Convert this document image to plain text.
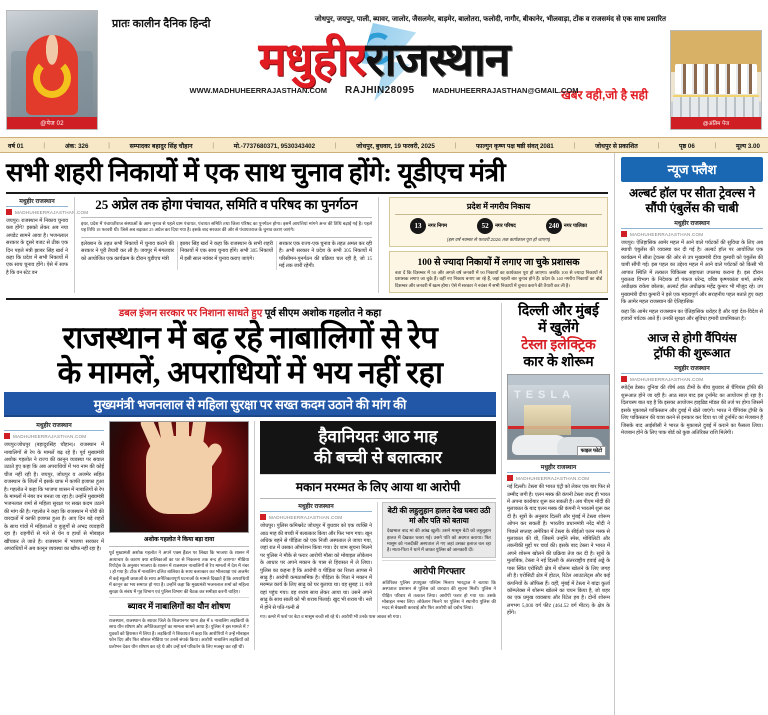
@पेज 02
प्रातः कालीन दैनिक हिन्दी	जोधपुर, जयपुर, पाली, ब्यावर, जालोर, जैसलमेर, बाड़मेर, बालोतरा, फलोदी, नागौर, बीकानेर, भीलवाड़ा, टोंक व राजसमंद से एक साथ प्रसारित
मधुहीरराजस्थान
खबर वही,जो है सही
WWW.MADHUHEERRAJASTHAN.COM RAJHIN28095 MADHUHEERRAJASTHAN@GMAIL.COM
@अंतिम पेज
वर्ष 01	|	अंक: 326	|	सम्पादकः बहादुर सिंह चौहान	|	मो.-7737680371, 9530343402	|	जोधपुर, बुधवार, 19 फरवरी, 2025	|	फाल्गुन कृष्ण पक्ष षष्ठी संवत् 2081	|	जोधपुर से प्रकाशित	|	पृष्ठ 06	|	मूल्य 3.00
सभी शहरी निकायों में एक साथ चुनाव होंगे: यूडीएच मंत्री
मधुहीर राजस्थान
MADHUHEERRAJASTHAN.COM
जयपुर। राजस्थान में निकाय चुनाव कब होंगे? इसको लेकर अब नया अपडेट सामने आया है। भजनलाल सरकार के दूसरे बजट से ठीक एक दिन पहले मंत्री झाबर सिंह खर्रा ने कहा कि प्रदेश में सभी निकायों में एक साथ चुनाव होंगे। ऐसे में साफ है कि वन स्टेट वन
25 अप्रेल तक होगा पंचायत, समिति व परिषद का पुनर्गठन
इधर, प्रदेश में पंचायतीराज संस्थाओं के आम चुनाव से पहले ग्राम पंचायत, पंचायत समिति तथा जिला परिषद का पुनर्गठन होगा। इसमें आपत्तियां मांगने अन्त की तिथि बढ़ाई गई है। पहले यह तिथि 18 फरवरी थी। जिसे अब बढ़ाकर 25 अप्रेल कर दिया गया है। इसके बाद सरकार की ओर से पंचायतराज के चुनाव कराए जाएंगे।
इलेक्शन के तहत सभी निकायों में चुनाव कराने की सरकार ने पूरी तैयारी कर ली है। जयपुर में मंगलवार को आयोजित एक कार्यक्रम के दौरान यूडीएच मंत्री
झाबर सिंह खर्रा ने कहा कि राजस्थान के सभी शहरी निकायों में एक साथ चुनाव होंगे। सभी 305 निकायों में इसी साल नवंबर में चुनाव कराए जाएंगे।
सरकार एक राज्य-एक चुनाव के तहत अमल कर रही है। अभी सरकार ने प्रदेश के सभी 305 निकायों में परिसीमन-पुनर्गठन की प्रक्रिया चल रही है, जो 15 मई तक जारी रहेगी।
प्रदेश में नगरीय निकाय
13	नगर निगम	52	नगर परिषद	240 नगर पालिका
(इस वर्ष नवम्बर से फरवरी 2026 तक कार्यकाल पूरा हो जाएगा)
100 से ज्यादा निकायों में लगाए जा चुके प्रशासक
बता दें कि दिसम्बर में 50 और अगले वर्ष जनवरी में 90 निकायों का कार्यकाल पूरा हो जाएगा। जबकि 100 से ज्यादा निकायों में प्रशासक लगाए जा चुके हैं। वहीं नए निकाय बनाए जा रहे हैं, जहां पहली बार चुनाव होने हैं। प्रदेश के 140 नगरीय निकायों का बोर्ड दिसम्बर और जनवरी में खत्म होगा। ऐसे में सरकार ने नवंबर में सभी निकायों में चुनाव कराने की तैयारी कर ली है।
डबल इंजन सरकार पर निशाना साधते हुए पूर्व सीएम अशोक गहलोत ने कहा
राजस्थान में बढ़ रहे नाबालिगों से रेप
के मामलें, अपराधियों में भय नहीं रहा
मुख्यमंत्री भजनलाल से महिला सुरक्षा पर सख्त कदम उठाने की मांग की
मधुहीर राजस्थान
MADHUHEERRAJASTHAN.COM
जयपुर/जोधपुर (बहादुरसिंह चौहान)। राजस्थान में नाबालिगों से रेप के मामलें बढ़ रहे है। पूर्व मुख्यमंत्री अशोक गहलोत ने राज्य की कानून व्यवस्था पर सवाल उठाते हुए कहा कि अब अपराधियों में भय नाम की कोई चीज नहीं रही है। जयपुर, जोधपुर व अजमेर सहित राजस्थान के जिलों में इसके ग्राफ में काफी इजाफा हुआ है। गहलोत ने कहा कि भाजपा शासन में नाबालिगों से रेप के मामलों में नंबर वन बनता जा रहा है। उन्होंने मुख्यमंत्री भजनलाल शर्मा से महिला सुरक्षा पर सख्त कदम उठाने की मांग की है। गहलोत ने कहा कि राजस्थान में चोरी की वारदातों में काफी इजाफा हुआ है। आए दिन बड़े शहरों के साथ गांवों में महिलाओं व बुजुर्गों से अभद्र व्यवहारी रहा है। राहगीरों से गले से चेन व हाथों से मोबाइल खींचकर ले जाते है। राजस्थान में भाजपा सरकार में अपराधियों में अब कानून व्यवस्था का खौफ नहीं रहा है।
अशोक गहलोत ने किया बड़ा दावा
पूर्व मुख्यमंत्री अशोक गहलोत ने अपने एक्स हैंडल पर लिखा कि भाजपा के शासन में अत्याचार के कारण क्या बालिकाओं का घर से निकलना तक बन्द हो जाएगा? मीडिया रिपोर्ट्स के अनुसार भाजपा के शासन में राजस्थान नाबालिगों से रेप मामलों में देश में नंबर 1 हो गया है। टोंक में नाबालिग दलित बालिका के साथ बलात्कार कर भीलवाड़ा एवं अजमेर में कई स्कूली छात्राओं के साथ अनैतिकतापूर्ण घटनाओं के मामले दिखाते हैं कि अपराधियों में कानून का भय समाप्त हो गया है। उन्होंने कहा कि मुख्यमंत्री भजनलाल शर्मा को महिला सुरक्षा के संबंध में गृह विभाग एवं पुलिस विभाग की बैठक कर समीक्षा करनी चाहिए।
ब्यावर में नाबालिगों का यौन शोषण
राजस्थान, राजस्थान के ब्यावर जिले के बिजयनगर थाना क्षेत्र में 6 नाबालिग लड़कियों के साथ यौन शोषण और अनैतिकतापूर्ण का मामला सामने आया है। पुलिस ने इस मामले में 7 युवकों को हिरासत में लिया है। लड़कियों ने शिकायत में कहा कि आरोपियों ने उन्हें मोबाइल फोन दिए और फिर सोशल मीडिया पर उनसे संपर्क किया। आरोपी नाबालिग लड़कियों को प्रलोभन देकर यौन शोषण कर रहे थे और उन्हें धर्म परिवर्तन के लिए मजबूर कर रही थीं।
हैवानियतः आठ माह
की बच्ची से बलात्कार
मकान मरम्मत के लिए आया था आरोपी
मधुहीर राजस्थान
MADHUHEERRAJASTHAN.COM
जोधपुर। पुलिस कमिश्नरेट जोधपुर में बुधवार को एक व्यक्ति ने आठ माह की बच्ची में बलात्कार किया और फिर भाग गया। खून अधिक बहने से पीड़िता को एक निजी अस्पताल ले जाया गया, जहां रात में उसका ऑपरेशन किया गया। देर शाम सूचना मिलने पर पुलिस ने मौके से फरार आरोपी मौसा को मोबाइल लोकेशन के आधार पर अपने मकान के पास से हिरासत में ले लिया। पुलिस का कहना है कि आरोपी व पीड़िता का रिश्ता आपस में साढ़ू है। आरोपी कमठाश्रमिक है। पीड़िता के पिता ने मकान में मरम्मत कार्य के लिए साढ़ू को घर बुलाया था। वह सुबह 11 बजे वहां पहुंच गया। वह शराब साथ लेकर आया था। उसने अपने साढ़ू के साथ साली को भी शराब पिलाई। खुद भी शराब पी। नशे में होने से पति-पत्नी से
बेटी की लहुलुहान हालत देख घबरा उठी मां और पति को बताया
देखभाल बाद मां की आंख खुली। उसने मासूम बेटी को लहुलुहान हालत में देखकर घबरा गई। उसने पति को अवगत कराया। फिर मासूम को नजदीकी अस्पताल ले गए जहां उसका इलाज चल रहा है। माता-पिता ने थाने में जाकर पुलिस को जानकारी दी।
आरोपी गिरफ्तार
अतिरिक्त पुलिस उपायुक्त पश्चिम मिलाप भारद्वाज ने बताया कि अस्पताल प्रशासन से पुलिस को वारदात की सूचना मिली। पुलिस ने पीड़ित परिवार से तत्काल लिया। आरोपी फरार हो गया था। उसके मोबाइल नम्बर लिए। लोकेशन मिलने पर पुलिस ने स्थानीय पुलिस की मदद से बेखबरी करवाई और फिर आरोपी को दबोच लिया।
गए। कमरे में फर्श पर बेटा व मासूम बच्ची सो रहे थे। आरोपी भी उनके पास जाकर सो गया।
दिल्ली और मुंबई
में खुलेंगे
टेस्ला इलेक्ट्रिक
कार के शोरूम
TESLA
फाइल फोटो
मधुहीर राजस्थान
MADHUHEERRAJASTHAN.COM
नई दिल्ली। टेस्ला की भारत एंट्री को लेकर एक बार फिर से उम्मीद जगी है। एलन मस्क की कंपनी टेस्ला जल्द ही भारत में अपना कारोबार शुरू कर सकती है। अब पीएम मोदी की मुलाकात के बाद एलन मस्क की कंपनी ने भारतमें शुरू कर दी है। सूत्रों के अनुसार दिल्ली और मुंबई में टेस्ला शोरूम ओपन कर सकती है। भारतीय प्रधानमंत्री नरेंद्र मोदी ने पिछले सप्ताह अमेरिका में टेस्ला के सीईओ एलन मस्क से मुलाकात की थी, जिसमें उन्होंने स्पेस, मोबिलिटी और तकनीकी मुद्दों पर चर्चा की। इसके बाद टेस्ला ने भारत में अपने शोरूम खोलने की प्रक्रिया तेज कर दी है। सूत्रों के मुताबिक, टेस्ला ने नई दिल्ली के अंतरराष्ट्रीय हवाई अड्डे के पास स्थित एरोसिटी क्षेत्र में शोरूम खोलने के लिए जगह ली है। एरोसिटी क्षेत्र में होटल, रिटेल आउटलेट्स और कई कंपनियों के ऑफिस हैं। वहीं, मुंबई में टेस्ला ने बांद्रा कुर्ला कॉम्प्लेक्स में शोरूम खोलने का चयन किया है, जो शहर का एक प्रमुख व्यवसाय और रिटेल हब है। दोनों शोरूम लगभग 5,000 वर्ग फीट (464.52 वर्ग मीटर) के क्षेत्र के होंगे।
न्यूज फ्लैश
अल्बर्ट हॉल पर सीता ट्रेवल्स ने सौंपी एंबुलेंस की चाबी
मधुहीर राजस्थान
MADHUHEERRAJASTHAN.COM
जयपुर। ऐतिहासिक आमेर महल में आने वाले पर्यटकों की सुविधा के लिए अब स्थायी एंबुलेंस की व्यवस्था कर दी गई है। अल्बर्ट हॉल पर आयोजित एक कार्यक्रम में सीता ट्रेवल्स की ओर से उप मुख्यमंत्री दीया कुमारी को एंबुलेंस की चाबी सौंपी गई। इस पहल का उद्देश्य महल में आने वाले पर्यटकों को किसी भी आपात स्थिति में तत्काल चिकित्सा सहायता उपलब्ध कराना है। इस दौरान पुरातत्व विभाग के निदेशक डॉ पंकज धरेन्द्र, वरिष्ठ कृष्णकांता शर्मा, आमेर अधीक्षक राकेश छोलक, अल्बर्ट हॉल अधीक्षक महेंद्र कुमार भी मौजूद रहे। उप मुख्यमंत्री दीया कुमारी ने इसे एक महत्वपूर्ण और सराहनीय पहल बताते हुए कहा कि आमेर महल राजस्थान की ऐतिहासिक
कहा कि आमेर महल राजस्थान का ऐतिहासिक धरोहर है और यहां देश-विदेश से हजारों पर्यटक आते हैं। उनकी सुरक्षा और सुविधा हमारी प्राथमिकता है।
आज से होगी वैंपियंस
ट्रॉफी की शुरूआत
मधुहीर राजस्थान
MADHUHEERRAJASTHAN.COM
स्पोर्ट्स डेस्क। दुनिया की शीर्ष आठ टीमों के बीच बुधवार से चैंपियंस ट्रॉफी की शुरूआत होने जा रही है। आठ साल बाद इस टूर्नामेंट का आयोजन हो रहा है। दिलचस्प बात यह है कि इसका आयोजन हाइब्रिड मॉडल की तर्ज पर होगा जिसमें इसके मुकाबले पाकिस्तान और दुबई में खेले जाएंगे। भारत ने चैंपियंस ट्रॉफी के लिए पाकिस्तान की यात्रा करने से इनकार कर दिया था जो टूर्नामेंट का मेजबान है जिसके बाद आईसीसी ने भारत के मुकाबले दुबई में कराने का फैसला लिया। मेजबान होने के लिए पाक बोर्ड को कुछ अतिरिक्त राशि मिलेगी।
